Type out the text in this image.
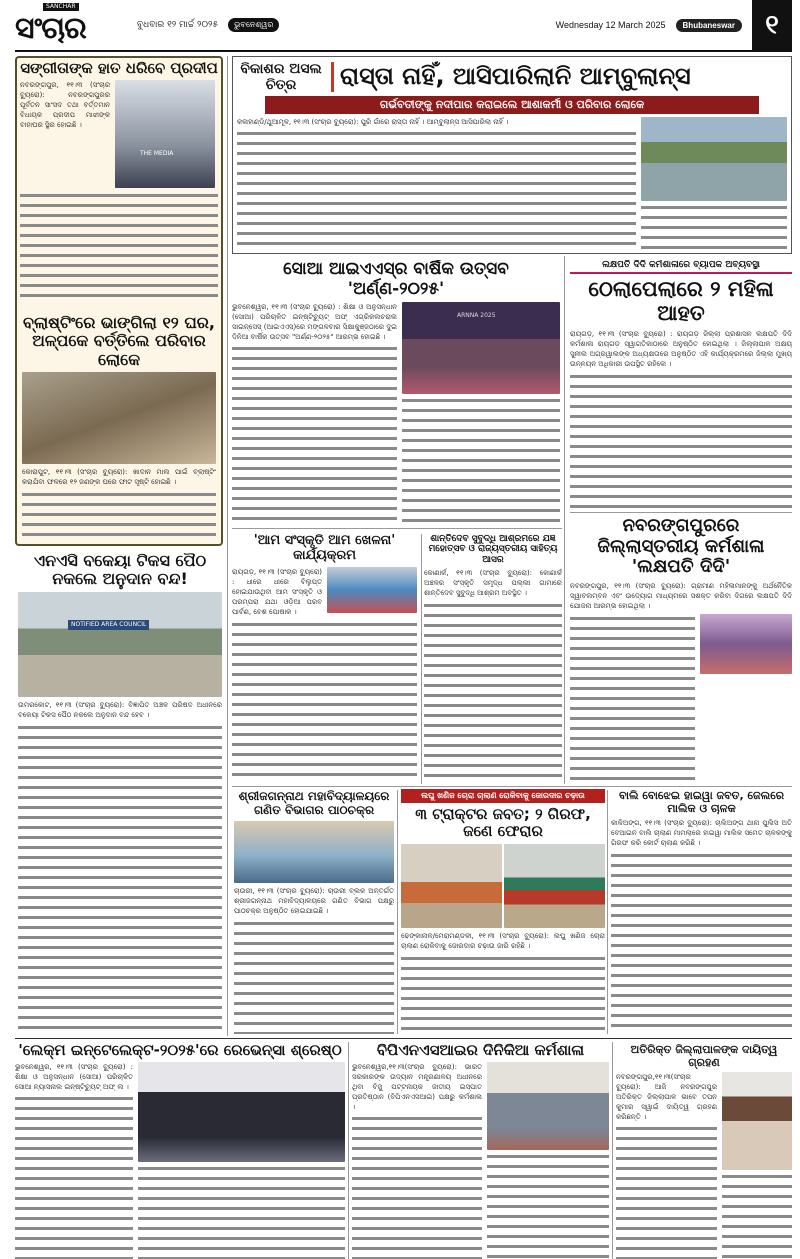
SANCHAR
ସଂଚାର	ବୁଧବାର ୧୨ ମାର୍ଚ୍ଚ ୨୦୨୫	ଭୁବନେଶ୍ୱର	Wednesday 12 March 2025	Bhubaneswar	୧
ସଙ୍ଗୀତାଙ୍କ ହାତ ଧରିବେ ପ୍ରଦୀପ
ନବରଙ୍ଗପୁର, ୧୧।୩ (ସଂଚାର ବ୍ୟୁରୋ): ନବରଙ୍ଗପୁରର ପୂର୍ବତନ ସାଂସଦ ତଥା ବର୍ତ୍ତମାନ ବିଧାୟକ ପ୍ରଦୀପ ମାଝୀଙ୍କ ବାହାଘର ସ୍ଥିର ହୋଇଛି ।
THE MEDIA
ବ୍ଲାଷ୍ଟିଂରେ ଭାଙ୍ଗିଲା ୧୨ ଘର, ଅଳ୍ପକେ ବର୍ତ୍ତିଲେ ପରିବାର ଲୋକେ
କୋରାପୁଟ, ୧୧।୩ (ସଂଚାର ବ୍ୟୁରୋ): ଖାଦାନ ମାଲ ପାଇଁ ବ୍ଲାଷ୍ଟିଂ କରାଯିବା ଫଳରେ ୧୨ ଜଣଙ୍କ ଘରେ ଫାଟ ସୃଷ୍ଟି ହୋଇଛି ।
ଏନଏସି ବକେୟା ଟିକସ ପୈଠ ନକଲେ ଅନୁଦାନ ବନ୍ଦ!
NOTIFIED AREA COUNCIL
ଉମରକୋଟ, ୧୧।୩ (ସଂଚାର ବ୍ୟୁରୋ): ବିଜ୍ଞାପିତ ଅଞ୍ଚଳ ପରିଷଦ ଅଧୀନରେ ବକେୟା ଟିକସ ପୈଠ ନକଲେ ଅନୁଦାନ ବନ୍ଦ ହେବ ।
ବିକାଶର ଅସଲ ଚିତ୍ର	ରାସ୍ତା ନାହିଁ, ଆସିପାରିଲାନି ଆମ୍ବୁଲାନ୍ସ
ଗର୍ଭବତୀଙ୍କୁ ନଦୀପାର କରାଇଲେ ଆଶାକର୍ମୀ ଓ ପରିବାର ଲୋକେ
କଳାହାଣ୍ଡି/ଥୁଆମୂଳ, ୧୧।୩ (ସଂଚାର ବ୍ୟୁରୋ): ପୁରି ଗାଁରେ ରାସ୍ତା ନାହିଁ । ଆମ୍ବୁଲାନ୍ସ ଆସିପାରିଲା ନାହିଁ ।
ସୋଆ ଆଇଏଏସ୍‌ର ବାର୍ଷିକ ଉତ୍ସବ 'ଅର୍ଣ୍ଣ-୨୦୨୫'
ଭୁବନେଶ୍ୱର, ୧୧।୩ (ସଂଚାର ବ୍ୟୁରୋ) : ଶିକ୍ଷା ଓ ଅନୁସନ୍ଧାନ (ସୋଆ) ପରିଚାଳିତ ଇନ୍‌ଷ୍ଟିଚ୍ୟୁଟ୍ ଅଫ୍ ଏଗ୍ରିକଲଚରାଲ ସାଇନ୍‌ସେସ୍ (ଆଇଏଏସ୍)ରେ ମଙ୍ଗଳବାର ସିକ୍ଷାକୁଞ୍ଜଠାରେ ଦୁଇ ଦିନିଆ ବାର୍ଷିକ ଉତ୍ସବ "ଅର୍ଣ୍ଣ-୨୦୨୫" ଆରମ୍ଭ ହୋଇଛି ।
ARNNA 2025
ଲକ୍ଷପତି ଦିଦି କର୍ମଶାଳାରେ ବ୍ୟାପକ ଅବ୍ୟବସ୍ଥା
ଠେଲାପେଲାରେ ୨ ମହିଳା ଆହତ
ରାୟଗଡ଼, ୧୧।୩ (ସଂଚାର ବ୍ୟୁରୋ) : ରାୟଗଡ଼ ଜିଲ୍ଲା ପ୍ରଶାସନ ଲକ୍ଷପତି ଦିଦି କର୍ମଶାଳା ରାୟଗଡ଼ ସ୍ୱାଗତିକାଠାରେ ଅନୁଷ୍ଠିତ ହୋଇଥିଲା । ଜିଲ୍ଲାପାଳ ଅକ୍ଷୟ ସୁନୀଲ ଅଗ୍ରୱାଲଙ୍କ ଅଧ୍ୟକ୍ଷତାରେ ଅନୁଷ୍ଠିତ ଏହି କାର୍ଯ୍ୟକ୍ରମରେ ଜିଲ୍ଲା ମୁଖ୍ୟ ଉନ୍ନୟନ ଅଧିକାରୀ ଉପସ୍ଥିତ ରହିଲେ ।
ନବରଙ୍ଗପୁରରେ ଜିଲ୍ଲାସ୍ତରୀୟ କର୍ମଶାଳା 'ଲକ୍ଷପତି ଦିଦି'
ନବରଙ୍ଗପୁର, ୧୧।୩ (ସଂଚାର ବ୍ୟୁରୋ): ଗ୍ରାମୀଣ ମହିଳାମାନଙ୍କୁ ଅର୍ଥନୈତିକ ସ୍ୱାବଲମ୍ବନ ଏବଂ ଉଦ୍ୟୋଗ ମାଧ୍ୟମରେ ସଶକ୍ତ କରିବା ଦିଗରେ ଲକ୍ଷପତି ଦିଦି ଯୋଜନା ଆରମ୍ଭ ହୋଇଥିଲା ।
'ଆମ ସଂସ୍କୃତି ଆମ ଖେଳନା' କାର୍ଯ୍ୟକ୍ରମ
ରାୟଗଡ଼, ୧୧।୩ (ସଂଚାର ବ୍ୟୁରୋ) : ଧୀରେ ଧୀରେ ବିଲୁପ୍ତ ହୋଇଯାଉଥିବା ଆମ ସଂସ୍କୃତି ଓ ପରମ୍ପରା ଯଥା ଓଡ଼ିଆ ପରବ ପାର୍ବଣ, ବେଶ ପୋଷାକ ।
ଶାନ୍ତିଦେବ ସୁବୁଦ୍ଧି ଆଶ୍ରମରେ ଯଜ୍ଞ ମହୋତ୍ସବ ଓ ରାଜ୍ୟସ୍ତରୀୟ ସାହିତ୍ୟ ଆସର
କୋଣାର୍କ, ୧୧।୩ (ସଂଚାର ବ୍ୟୁରୋ): କୋଣାର୍କ ଅଞ୍ଚଳର ସଂସ୍କୃତି ସମୃଦ୍ଧ ପଲ୍ଲୀ ଗାମାରେ ଶାନ୍ତିଦେବ ସୁବୁଦ୍ଧି ଆଶ୍ରମ ଅବସ୍ଥିତ ।
ଶ୍ରୀଜଗନ୍ନାଥ ମହାବିଦ୍ୟାଳୟରେ ଗଣିତ ବିଭାଗର ପାଠଚକ୍ର
ଚାଉରୀ, ୧୧।୩ (ସଂଚାର ବ୍ୟୁରୋ): ଚାଉରୀ ବ୍ଲକ ଅନ୍ତର୍ଗତ ଶ୍ରୀଜଗନ୍ନାଥ ମହାବିଦ୍ୟାଳୟରେ ଗଣିତ ବିଭାଗ ପକ୍ଷରୁ ପାଠଚକ୍ର ଅନୁଷ୍ଠିତ ହୋଇଯାଇଛି ।
ଲଘୁ ଖଣିଜ ଚୋରା ଚାଲାଣ ରୋକିବାକୁ ଜୋରଦାର ଚଢ଼ାଉ
୩ ଟ୍ରାକ୍ଟର ଜବତ; ୨ ଗିରଫ, ଜଣେ ଫେରାର
ଢେଙ୍କାନାଳ/ମେରାମଣ୍ଡଳୀ, ୧୧।୩ (ସଂଚାର ବ୍ୟୁରୋ): ଲଘୁ ଖଣିଜ ଚୋରା ଚାଲାଣ ରୋକିବାକୁ ଜୋରଦାର ଚଢ଼ାଉ ଜାରି ରହିଛି ।
ବାଲି ବୋଝେଇ ହାଇୱା ଜବତ, ଜେଲରେ ମାଲିକ ଓ ଚାଳକ
କାଳିଅଙ୍ଗ, ୧୧।୩ (ସଂଚାର ବ୍ୟୁରୋ): ଚାଲିଅଙ୍ଗ ଥାନା ପୁଲିସ ଅତି ବେଆଇନ ବାଲି ଚାଲାଣ ମାମଲାରେ ହାଇୱା ମାଲିକ ସମେତ ଚାଳକଙ୍କୁ ଗିରଫ କରି କୋର୍ଟ ଚାଲାଣ କରିଛି ।
'ଲେକ୍ମ ଇନ୍‌ଟେଲେକ୍ଟ-୨୦୨୫'ରେ ରେଭେନ୍ସା ଶ୍ରେଷ୍ଠ
ଭୁବନେଶ୍ୱର, ୧୧।୩ (ସଂଚାର ବ୍ୟୁରୋ) : ଶିକ୍ଷା ଓ ଅନୁସନ୍ଧାନ (ସୋଆ) ପରିଚାଳିତ ସୋଆ ନ୍ୟାସନାଲ ଇନ୍‌ଷ୍ଟିଚ୍ୟୁଟ୍ ଅଫ୍ ଲ ।
ବିପିଏନଏସଆଇର ଦିନିକିଆ କର୍ମଶାଳା
ଭୁବନେଶ୍ୱର,୧୧।୩(ସଂଚାର ବ୍ୟୁରୋ): ଭାରତ ସରକାରଙ୍କ ଉଦ୍ୟାନ ମନ୍ତ୍ରଣାଳୟ ଅଧୀନରେ ଥିବା ବିଜୁ ପଟ୍ଟନାୟକ ଜାତୀୟ ଇସ୍ପାତ ପ୍ରତିଷ୍ଠାନ (ବିପିଏନଏସଆଇ) ପକ୍ଷରୁ କର୍ମଶାଳା ।
ଅତିରିକ୍ତ ଜିଲ୍ଲାପାଳଙ୍କ ଦାୟିତ୍ୱ ଗ୍ରହଣ
ନବରଙ୍ଗପୁର,୧୧।୩(ସଂଚାର ବ୍ୟୁରୋ): ଆଜି ନବରଙ୍ଗପୁର ଅତିରିକ୍ତ ଜିଲ୍ଲାପାଳ ଭାବେ ତପନ କୁମାର ସ୍ୱାଇଁ ଦାୟିତ୍ୱ ଗ୍ରହଣ କରିଛନ୍ତି ।
